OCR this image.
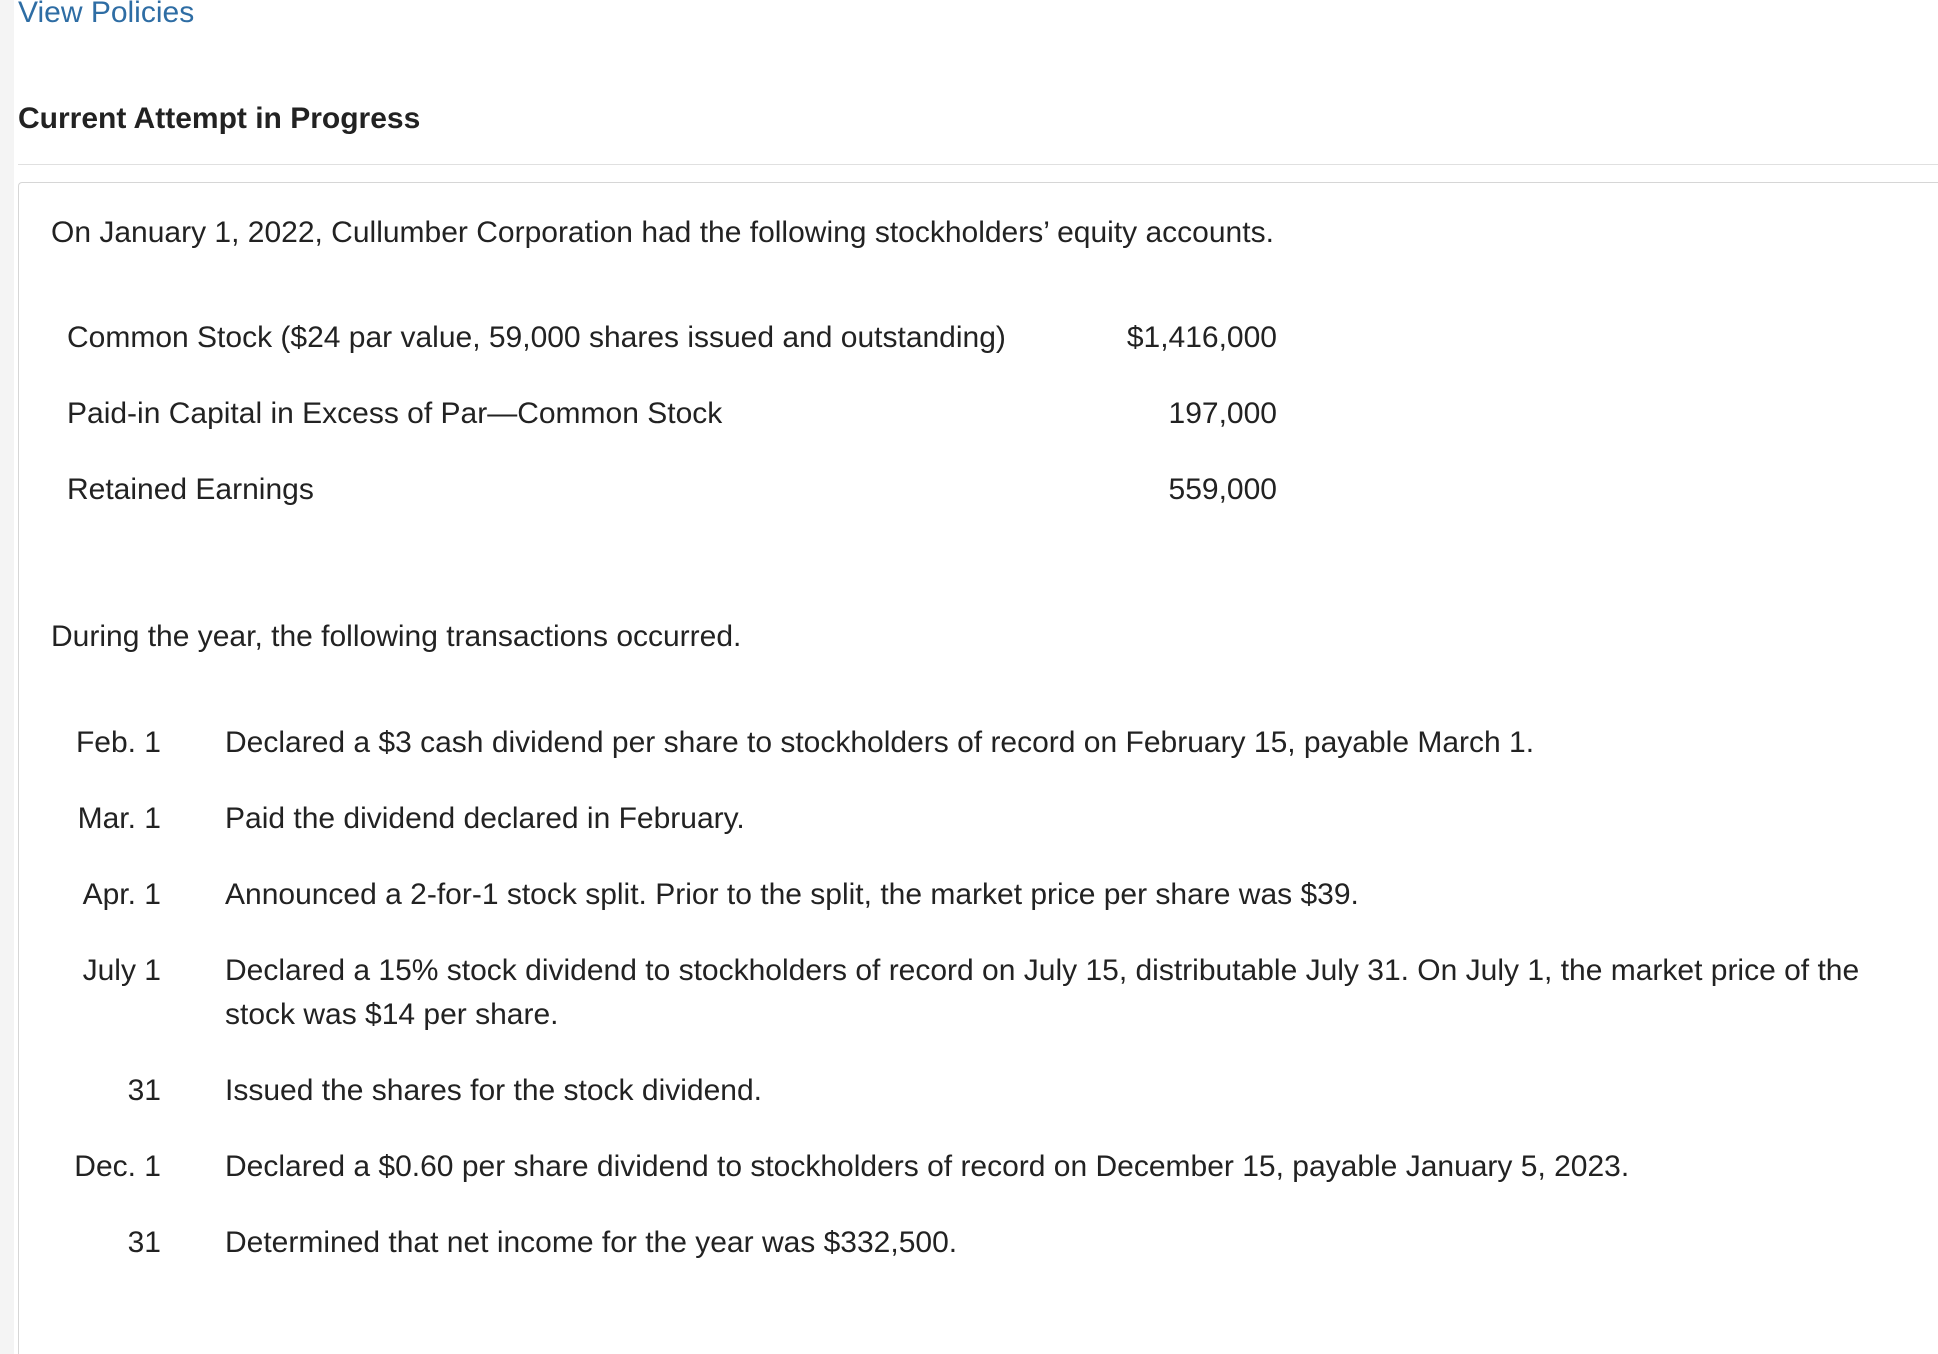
View Policies
Current Attempt in Progress

On January 1, 2022, Cullumber Corporation had the following stockholders’ equity accounts.

Common Stock ($24 par value, 59,000 shares issued and outstanding)	$1,416,000
Paid-in Capital in Excess of Par—Common Stock	197,000
Retained Earnings	559,000

During the year, the following transactions occurred.

Feb. 1 Declared a $3 cash dividend per share to stockholders of record on February 15, payable March 1.
Mar. 1 Paid the dividend declared in February.
Apr. 1 Announced a 2-for-1 stock split. Prior to the split, the market price per share was $39.
July 1 Declared a 15% stock dividend to stockholders of record on July 15, distributable July 31. On July 1, the market price of the stock was $14 per share.
31 Issued the shares for the stock dividend.
Dec. 1 Declared a $0.60 per share dividend to stockholders of record on December 15, payable January 5, 2023.
31 Determined that net income for the year was $332,500.
